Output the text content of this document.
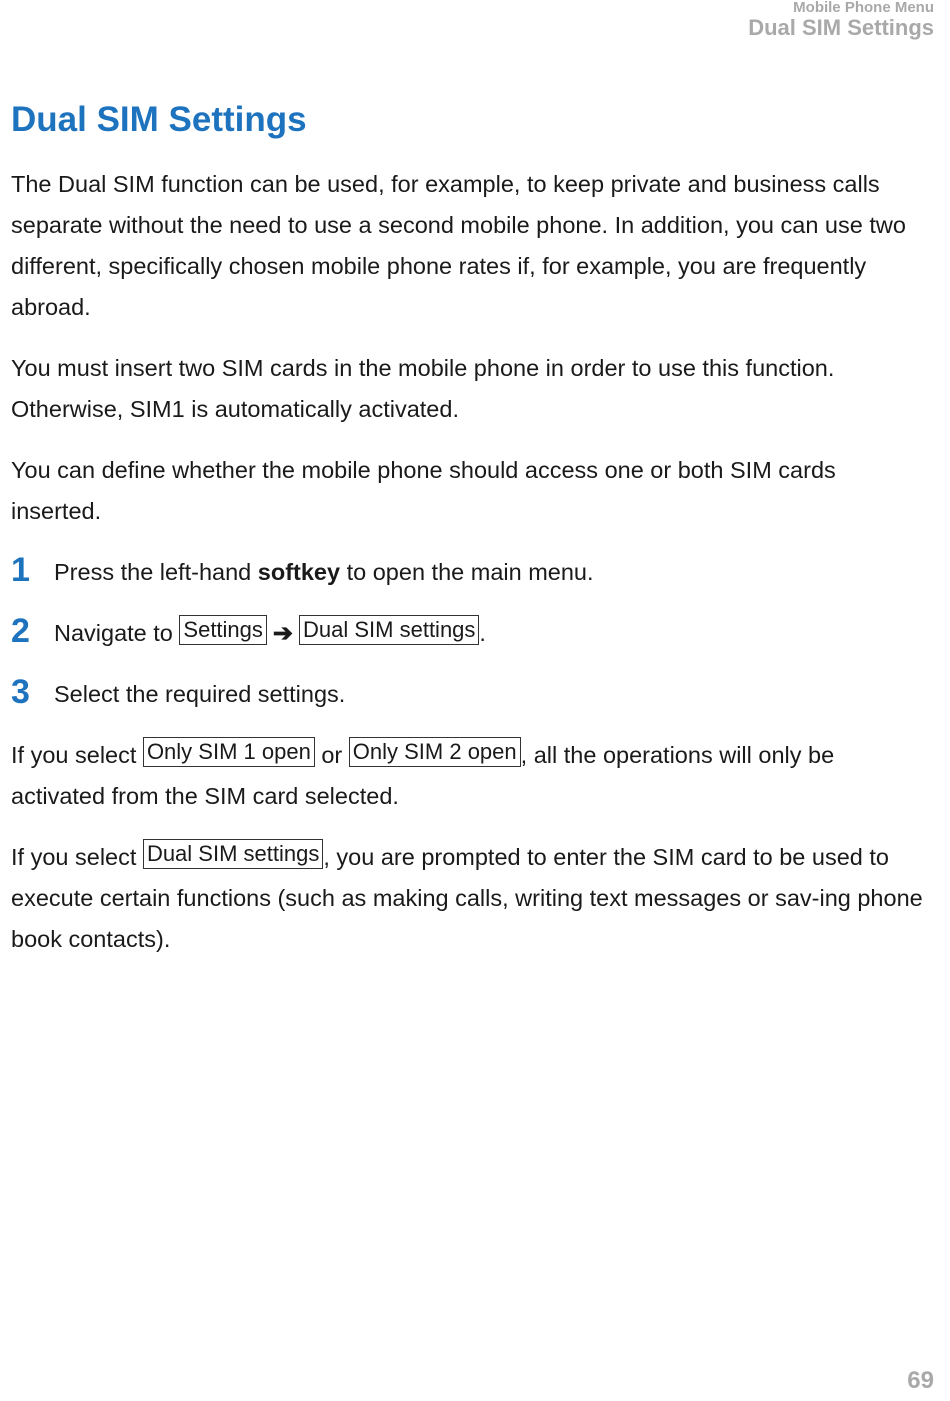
Mobile Phone Menu
Dual SIM Settings
Dual SIM Settings

The Dual SIM function can be used, for example, to keep private and business calls separate without the need to use a second mobile phone. In addition, you can use two different, specifically chosen mobile phone rates if, for example, you are frequently abroad.

You must insert two SIM cards in the mobile phone in order to use this function. Otherwise, SIM1 is automatically activated.

You can define whether the mobile phone should access one or both SIM cards inserted.

1 Press the left-hand softkey to open the main menu.
2 Navigate to Settings ➔ Dual SIM settings .
3 Select the required settings.

If you select Only SIM 1 open or Only SIM 2 open , all the operations will only be activated from the SIM card selected.

If you select Dual SIM settings , you are prompted to enter the SIM card to be used to execute certain functions (such as making calls, writing text messages or sav-ing phone book contacts).

69
